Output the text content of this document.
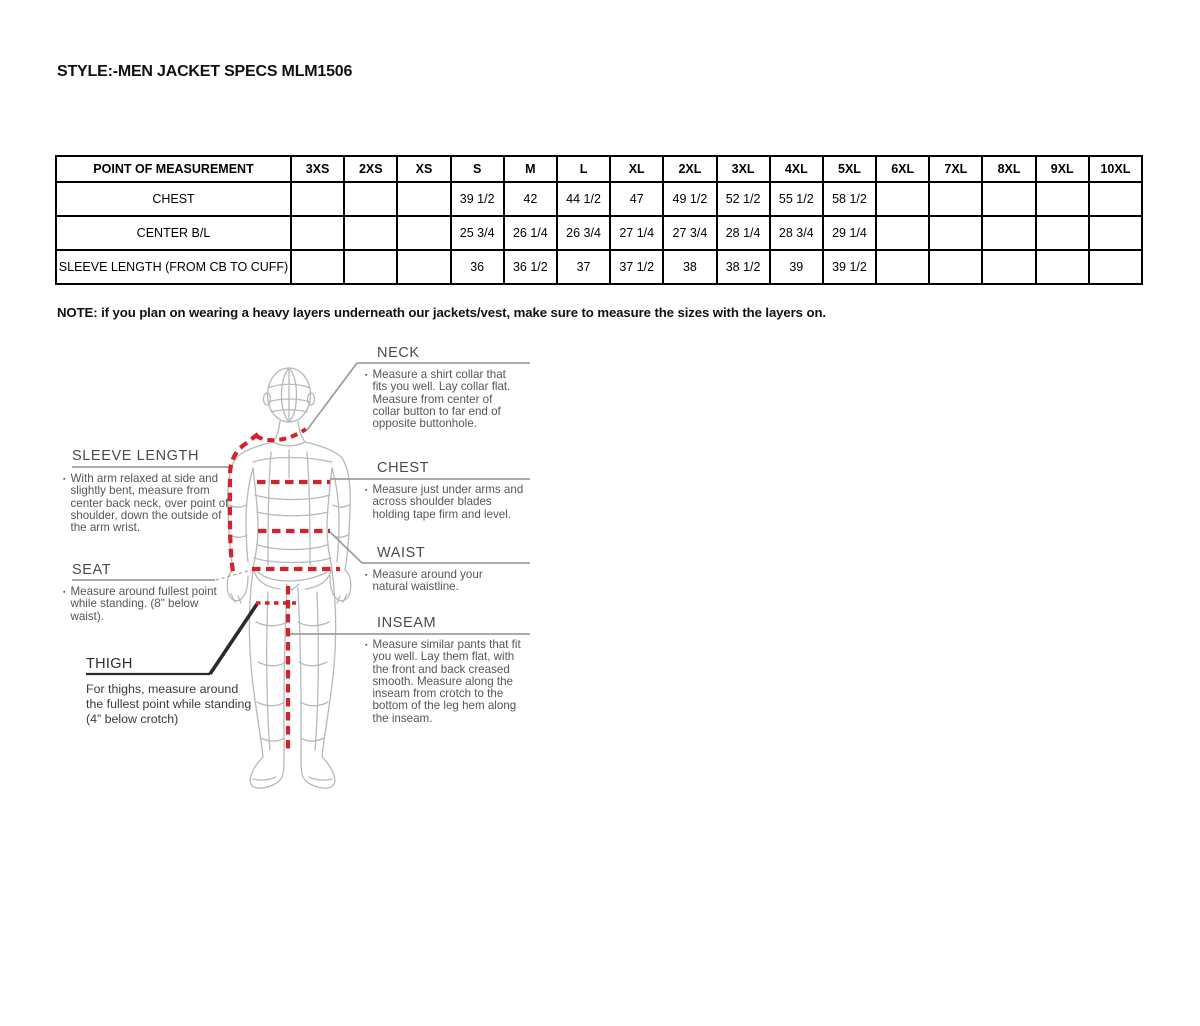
STYLE:-MEN JACKET SPECS MLM1506
POINT OF MEASUREMENT	3XS	2XS	XS	S	M	L	XL	2XL	3XL	4XL	5XL	6XL	7XL	8XL	9XL	10XL
CHEST				39 1/2	42	44 1/2	47	49 1/2	52 1/2	55 1/2	58 1/2					
CENTER B/L				25 3/4	26 1/4	26 3/4	27 1/4	27 3/4	28 1/4	28 3/4	29 1/4					
SLEEVE LENGTH (FROM CB TO CUFF)				36	36 1/2	37	37 1/2	38	38 1/2	39	39 1/2					
NOTE: if you plan on wearing a heavy layers underneath our jackets/vest, make sure to measure the sizes with the layers on.
SLEEVE LENGTH
▪ With arm relaxed at side and slightly bent, measure from center back neck, over point of shoulder, down the outside of the arm wrist.
SEAT
▪ Measure around fullest point while standing. (8" below waist).
THIGH
For thighs, measure around the fullest point while standing (4” below crotch)
NECK
▪ Measure a shirt collar that fits you well. Lay collar flat. Measure from center of collar button to far end of opposite buttonhole.
CHEST
▪ Measure just under arms and across shoulder blades holding tape firm and level.
WAIST
▪ Measure around your natural waistline.
INSEAM
▪ Measure similar pants that fit you well. Lay them flat, with the front and back creased smooth. Measure along the inseam from crotch to the bottom of the leg hem along the inseam.
